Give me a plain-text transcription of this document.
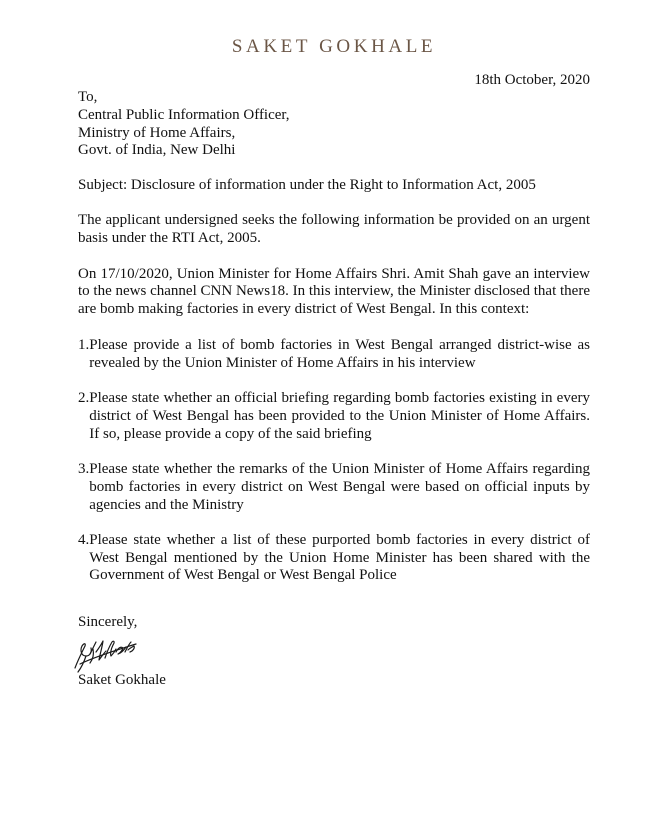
SAKET GOKHALE
18th October, 2020

To,

Central Public Information Officer,

Ministry of Home Affairs,

Govt. of India, New Delhi

Subject: Disclosure of information under the Right to Information Act, 2005

The applicant undersigned seeks the following information be provided on an urgent basis under the RTI Act, 2005.

On 17/10/2020, Union Minister for Home Affairs Shri. Amit Shah gave an interview to the news channel CNN News18. In this interview, the Minister disclosed that there are bomb making factories in every district of West Bengal. In this context:

1. Please provide a list of bomb factories in West Bengal arranged district-wise as revealed by the Union Minister of Home Affairs in his interview
2. Please state whether an official briefing regarding bomb factories existing in every district of West Bengal has been provided to the Union Minister of Home Affairs. If so, please provide a copy of the said briefing
3. Please state whether the remarks of the Union Minister of Home Affairs regarding bomb factories in every district on West Bengal were based on official inputs by agencies and the Ministry
4. Please state whether a list of these purported bomb factories in every district of West Bengal mentioned by the Union Home Minister has been shared with the Government of West Bengal or West Bengal Police

Sincerely,

Saket Gokhale
